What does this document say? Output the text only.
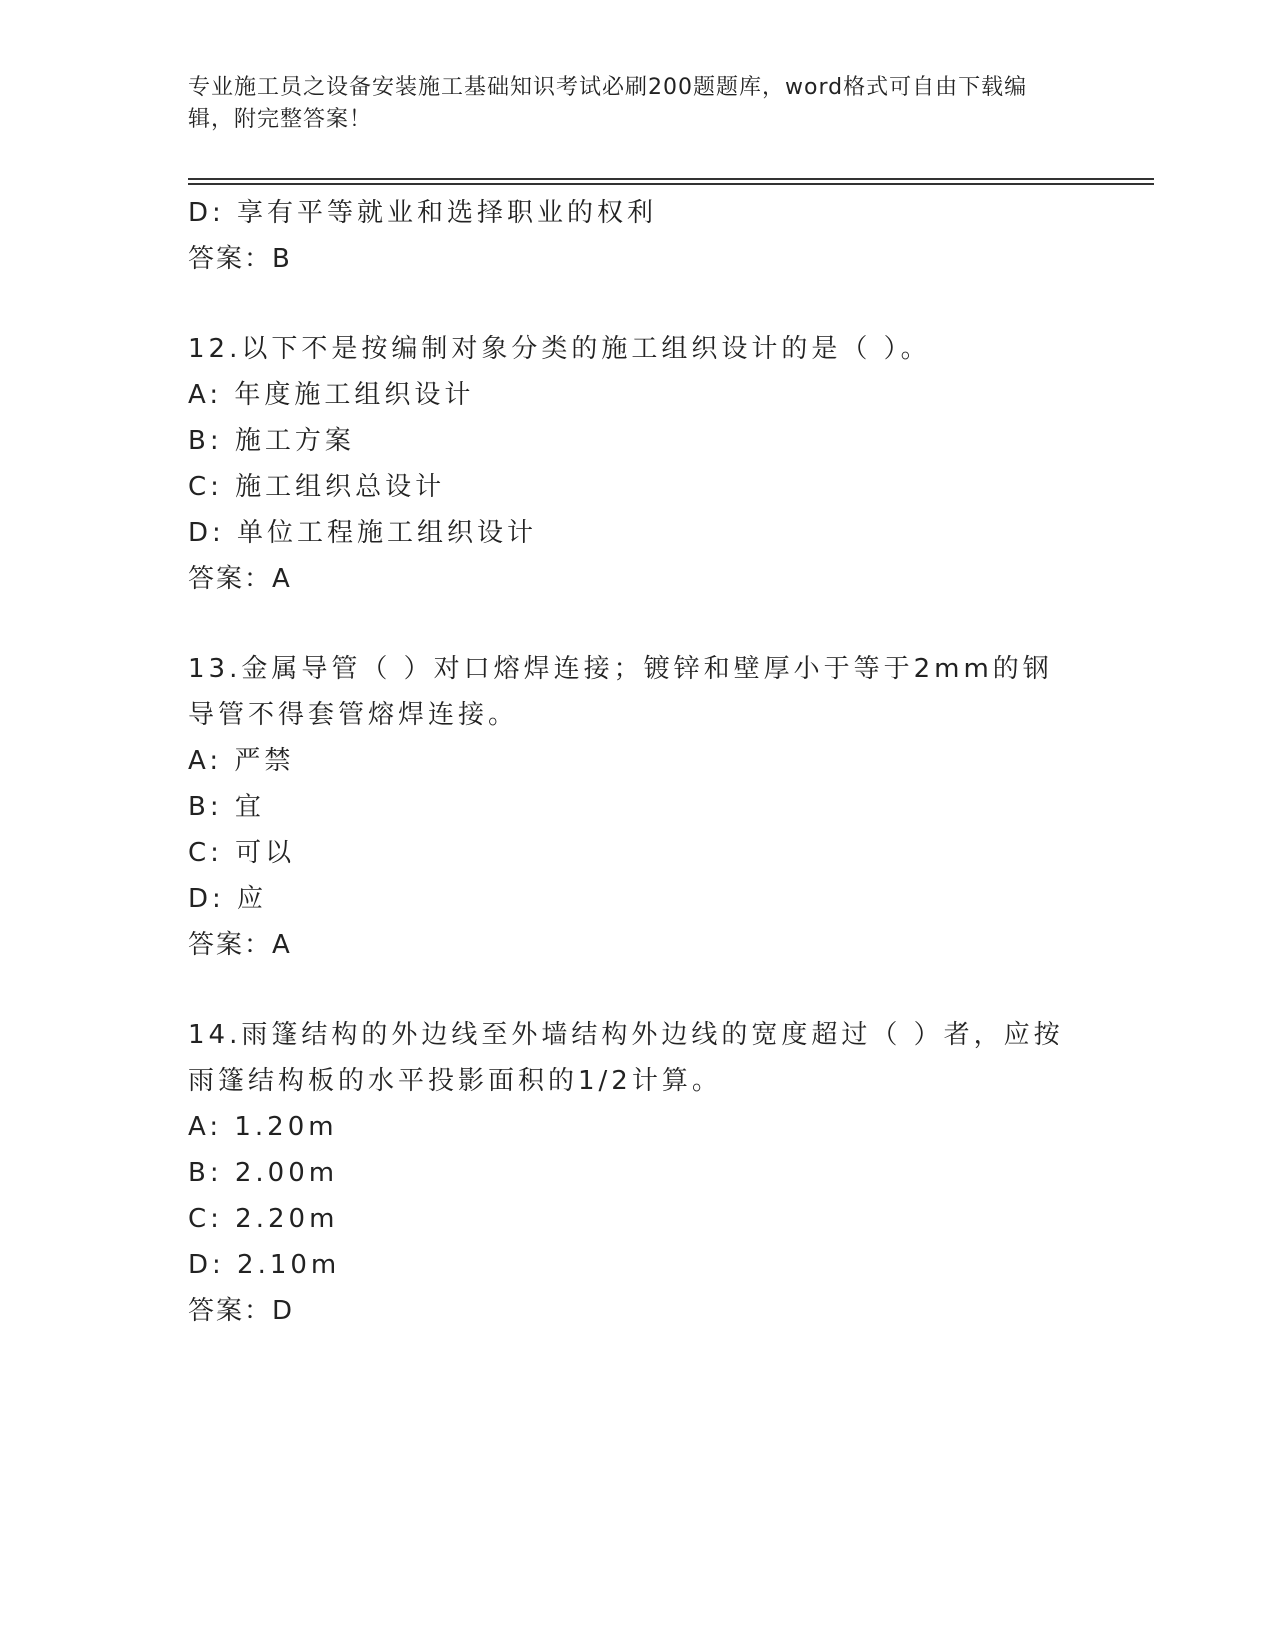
专业施工员之设备安装施工基础知识考试必刷200题题库，word格式可自由下载编辑，附完整答案！
D: 享有平等就业和选择职业的权利
答案：B
12.以下不是按编制对象分类的施工组织设计的是（ ）。
A: 年度施工组织设计
B: 施工方案
C: 施工组织总设计
D: 单位工程施工组织设计
答案：A
13.金属导管（ ）对口熔焊连接；镀锌和壁厚小于等于2mm的钢导管不得套管熔焊连接。
A: 严禁
B: 宜
C: 可以
D: 应
答案：A
14.雨篷结构的外边线至外墙结构外边线的宽度超过（ ）者，应按雨篷结构板的水平投影面积的1/2计算。
A: 1.20m
B: 2.00m
C: 2.20m
D: 2.10m
答案：D
